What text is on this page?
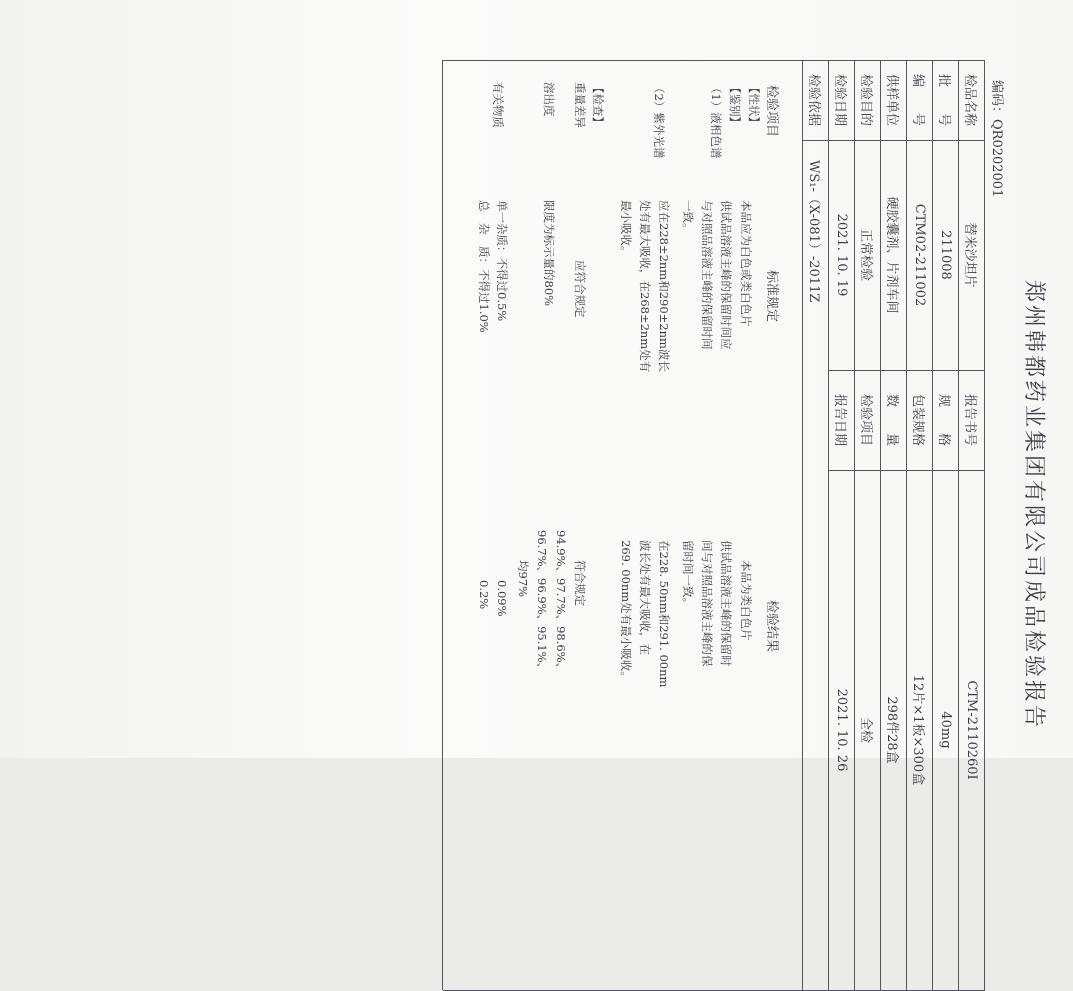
郑州韩都药业集团有限公司成品检验报告
编码：QR0202001
检品名称
替米沙坦片
报告书号
CTM-2110260I
批　　号
211008
规　　格
40mg
编　　号
CTM02-211002
包装规格
12片×1板×300盒
供样单位
硬胶囊剂、片剂车间
数　　量
298件28盒
检验目的
正常检验
检验项目
全检
检验日期
2021. 10. 19
报告日期
2021. 10. 26
检验依据
WS₁-（X-081）-2011Z
检验项目
标准规定
检验结果
【性状】
本品应为白色或类白色片
本品为类白色片
【鉴别】
（1）液相色谱
供试品溶液主峰的保留时间应
与对照品溶液主峰的保留时间
一致。
供试品溶液主峰的保留时
间与对照品溶液主峰的保
留时间一致。
（2）紫外光谱
应在228±2nm和290±2nm波长
处有最大吸收，在268±2nm处有
最小吸收。
在228. 50nm和291. 00nm
波长处有最大吸收，在
269. 00nm处有最小吸收。
【检查】
重量差异
应符合规定
符合规定
溶出度
限度为标示量的80%
94.9%、97.7%、98.6%、
96.7%、96.9%、95.1%、
均97%
有关物质
单一杂质：不得过0.5%
总　杂　质：不得过1.0%
0.09%
0.2%
